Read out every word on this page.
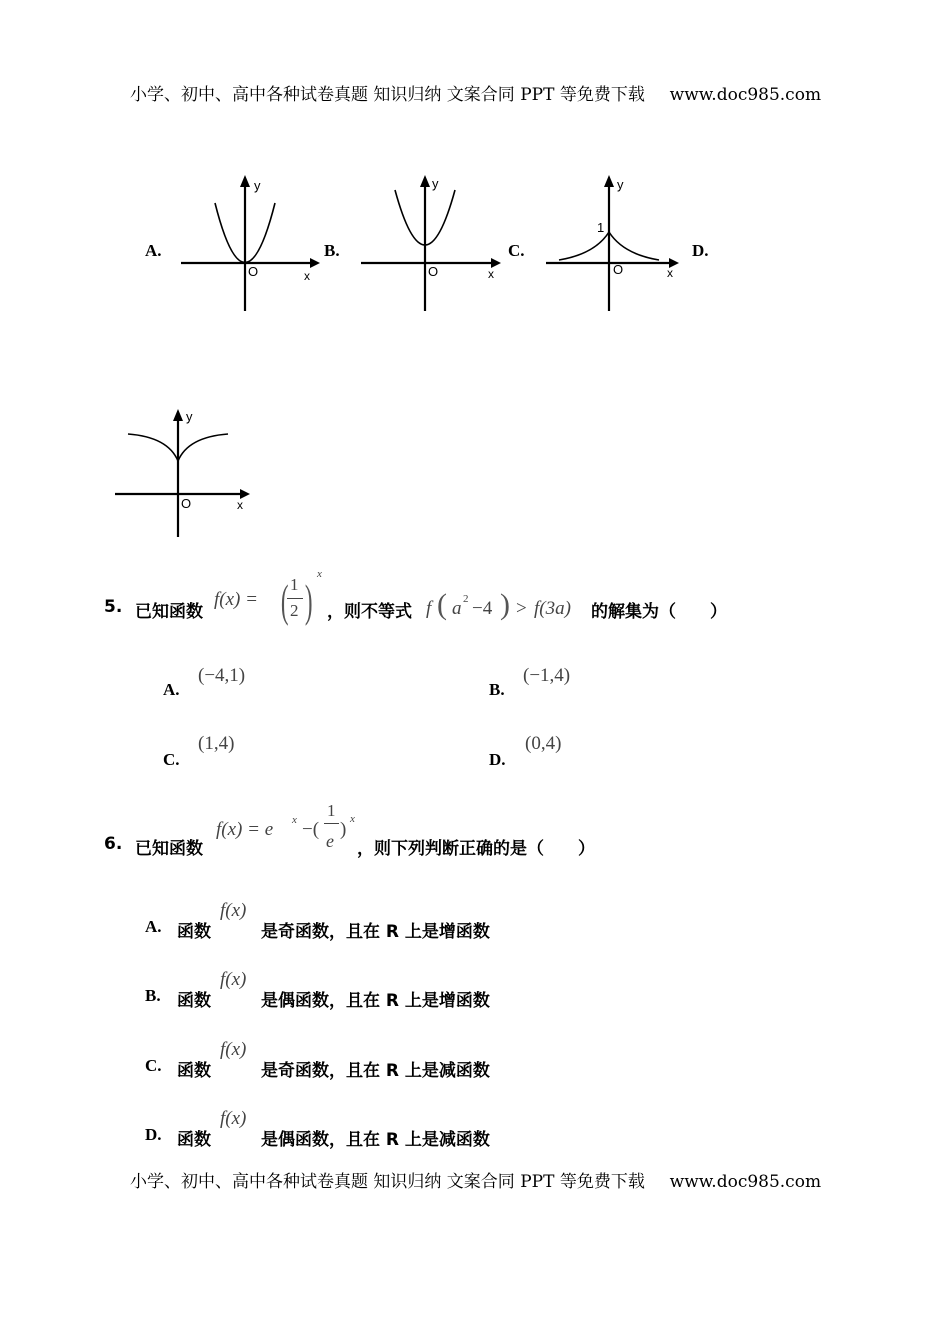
小学、初中、高中各种试卷真题 知识归纳 文案合同 PPT 等免费下载 www.doc985.com
A.	B.	C.	D.
y
x
O
y
x
O
y
x
O
1
y
x
O
5. 已知函数
f(x) = ( 1
2 )
x
，则不等式 f ( a 2 −4 ) > f(3a) 的解集为（　　）
A.
(−4,1)
B.
(−1,4)
C.
(1,4)
D.
(0,4)
6. 已知函数
f(x) = e x −(
1
e
) x
，则下列判断正确的是（　　）
A. 函数
f(x)
是奇函数，且在 R 上是增函数
B. 函数
f(x)
是偶函数，且在 R 上是增函数
C. 函数
f(x)
是奇函数，且在 R 上是减函数
D. 函数
f(x)
是偶函数，且在 R 上是减函数
小学、初中、高中各种试卷真题 知识归纳 文案合同 PPT 等免费下载 www.doc985.com
